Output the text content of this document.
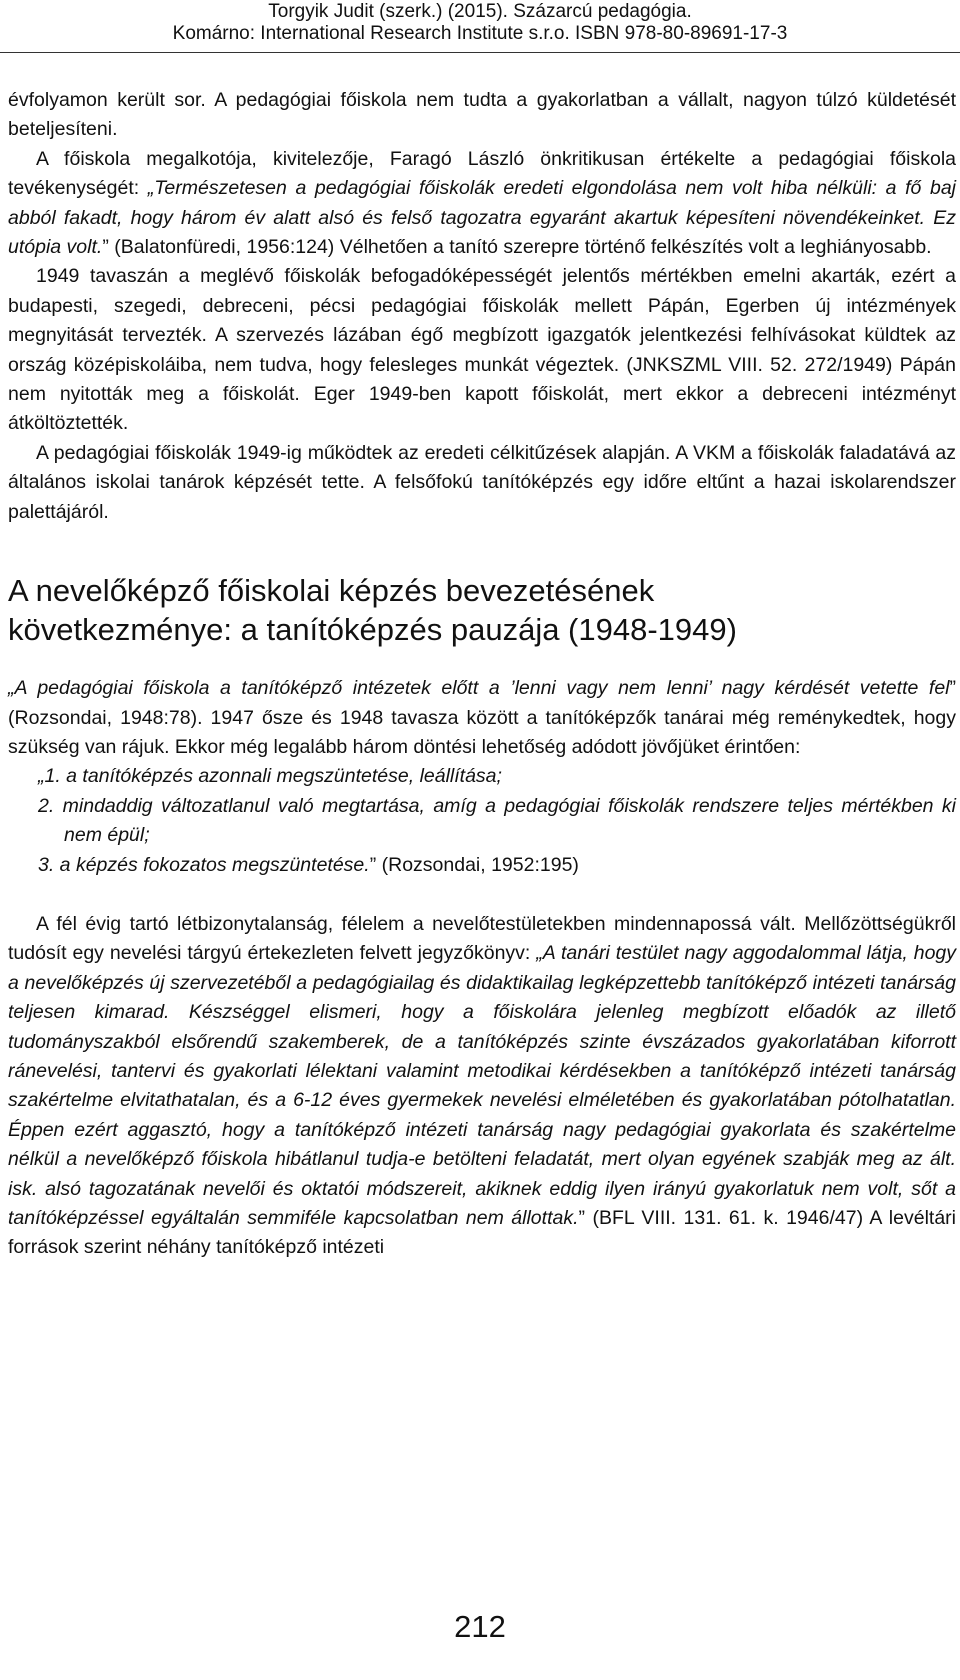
Torgyik Judit (szerk.) (2015). Százarcú pedagógia.
Komárno: International Research Institute s.r.o. ISBN 978-80-89691-17-3

évfolyamon került sor. A pedagógiai főiskola nem tudta a gyakorlatban a vállalt, nagyon túlzó küldetését beteljesíteni.

A főiskola megalkotója, kivitelezője, Faragó László önkritikusan értékelte a pedagógiai főiskola tevékenységét: „Természetesen a pedagógiai főiskolák eredeti elgondolása nem volt hiba nélküli: a fő baj abból fakadt, hogy három év alatt alsó és felső tagozatra egyaránt akartuk képesíteni növendékeinket. Ez utópia volt.” (Balatonfüredi, 1956:124) Vélhetően a tanító szerepre történő felkészítés volt a leghiányosabb.

1949 tavaszán a meglévő főiskolák befogadóképességét jelentős mértékben emelni akarták, ezért a budapesti, szegedi, debreceni, pécsi pedagógiai főiskolák mellett Pápán, Egerben új intézmények megnyitását tervezték. A szervezés lázában égő megbízott igazgatók jelentkezési felhívásokat küldtek az ország középiskoláiba, nem tudva, hogy felesleges munkát végeztek. (JNKSZML VIII. 52. 272/1949) Pápán nem nyitották meg a főiskolát. Eger 1949-ben kapott főiskolát, mert ekkor a debreceni intézményt átköltöztették.

A pedagógiai főiskolák 1949-ig működtek az eredeti célkitűzések alapján. A VKM a főiskolák faladatává az általános iskolai tanárok képzését tette. A felsőfokú tanítóképzés egy időre eltűnt a hazai iskolarendszer palettájáról.

A nevelőképző főiskolai képzés bevezetésének
következménye: a tanítóképzés pauzája (1948-1949)

„A pedagógiai főiskola a tanítóképző intézetek előtt a ’lenni vagy nem lenni’ nagy kérdését vetette fel” (Rozsondai, 1948:78). 1947 ősze és 1948 tavasza között a tanítóképzők tanárai még reménykedtek, hogy szükség van rájuk. Ekkor még legalább három döntési lehetőség adódott jövőjüket érintően:

„1. a tanítóképzés azonnali megszüntetése, leállítása;
2. mindaddig változatlanul való megtartása, amíg a pedagógiai főiskolák rendszere teljes mértékben ki nem épül;
3. a képzés fokozatos megszüntetése.” (Rozsondai, 1952:195)

A fél évig tartó létbizonytalanság, félelem a nevelőtestületekben mindennapossá vált. Mellőzöttségükről tudósít egy nevelési tárgyú értekezleten felvett jegyzőkönyv: „A tanári testület nagy aggodalommal látja, hogy a nevelőképzés új szervezetéből a pedagógiailag és didaktikailag legképzettebb tanítóképző intézeti tanárság teljesen kimarad. Készséggel elismeri, hogy a főiskolára jelenleg megbízott előadók az illető tudományszakból elsőrendű szakemberek, de a tanítóképzés szinte évszázados gyakorlatában kiforrott ránevelési, tantervi és gyakorlati lélektani valamint metodikai kérdésekben a tanítóképző intézeti tanárság szakértelme elvitathatalan, és a 6-12 éves gyermekek nevelési elméletében és gyakorlatában pótolhatatlan. Éppen ezért aggasztó, hogy a tanítóképző intézeti tanárság nagy pedagógiai gyakorlata és szakértelme nélkül a nevelőképző főiskola hibátlanul tudja-e betölteni feladatát, mert olyan egyének szabják meg az ált. isk. alsó tagozatának nevelői és oktatói módszereit, akiknek eddig ilyen irányú gyakorlatuk nem volt, sőt a tanítóképzéssel egyáltalán semmiféle kapcsolatban nem állottak.” (BFL VIII. 131. 61. k. 1946/47) A levéltári források szerint néhány tanítóképző intézeti

212
